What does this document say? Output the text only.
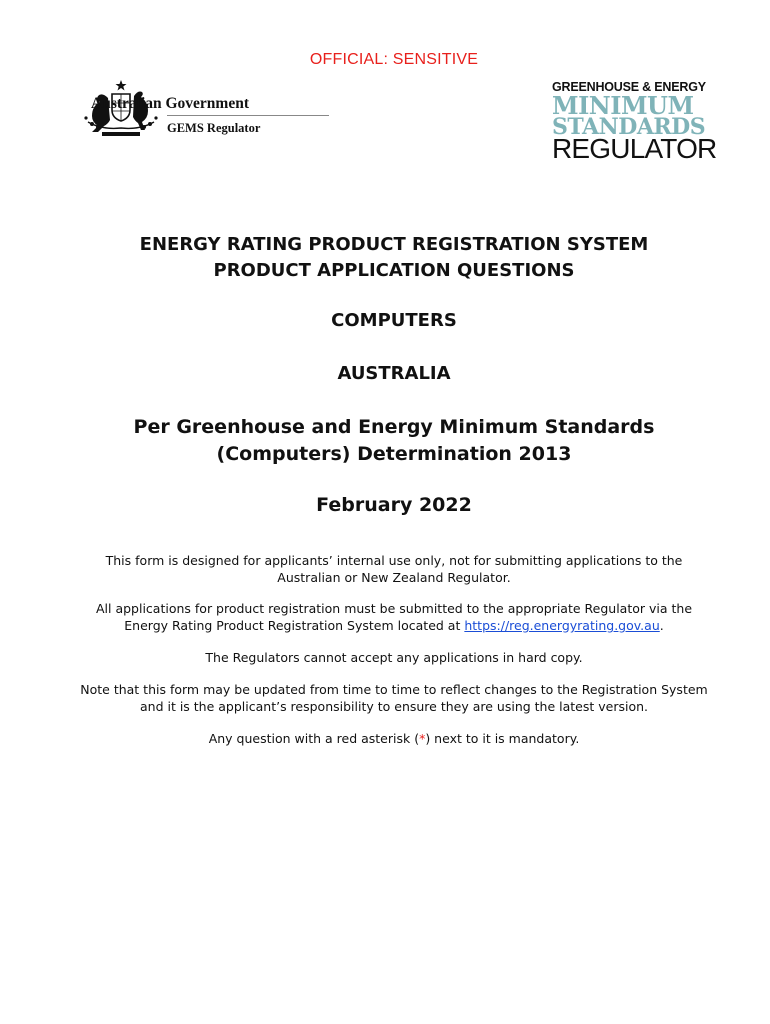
OFFICIAL: SENSITIVE
Australian Government
GEMS Regulator
GREENHOUSE & ENERGY
MINIMUM
STANDARDS
REGULATOR
ENERGY RATING PRODUCT REGISTRATION SYSTEM
PRODUCT APPLICATION QUESTIONS
COMPUTERS
AUSTRALIA
Per Greenhouse and Energy Minimum Standards
(Computers) Determination 2013
February 2022
This form is designed for applicants’ internal use only, not for submitting applications to the
Australian or New Zealand Regulator.
All applications for product registration must be submitted to the appropriate Regulator via the
Energy Rating Product Registration System located at https://reg.energyrating.gov.au.
The Regulators cannot accept any applications in hard copy.
Note that this form may be updated from time to time to reflect changes to the Registration System
and it is the applicant’s responsibility to ensure they are using the latest version.
Any question with a red asterisk (*) next to it is mandatory.
